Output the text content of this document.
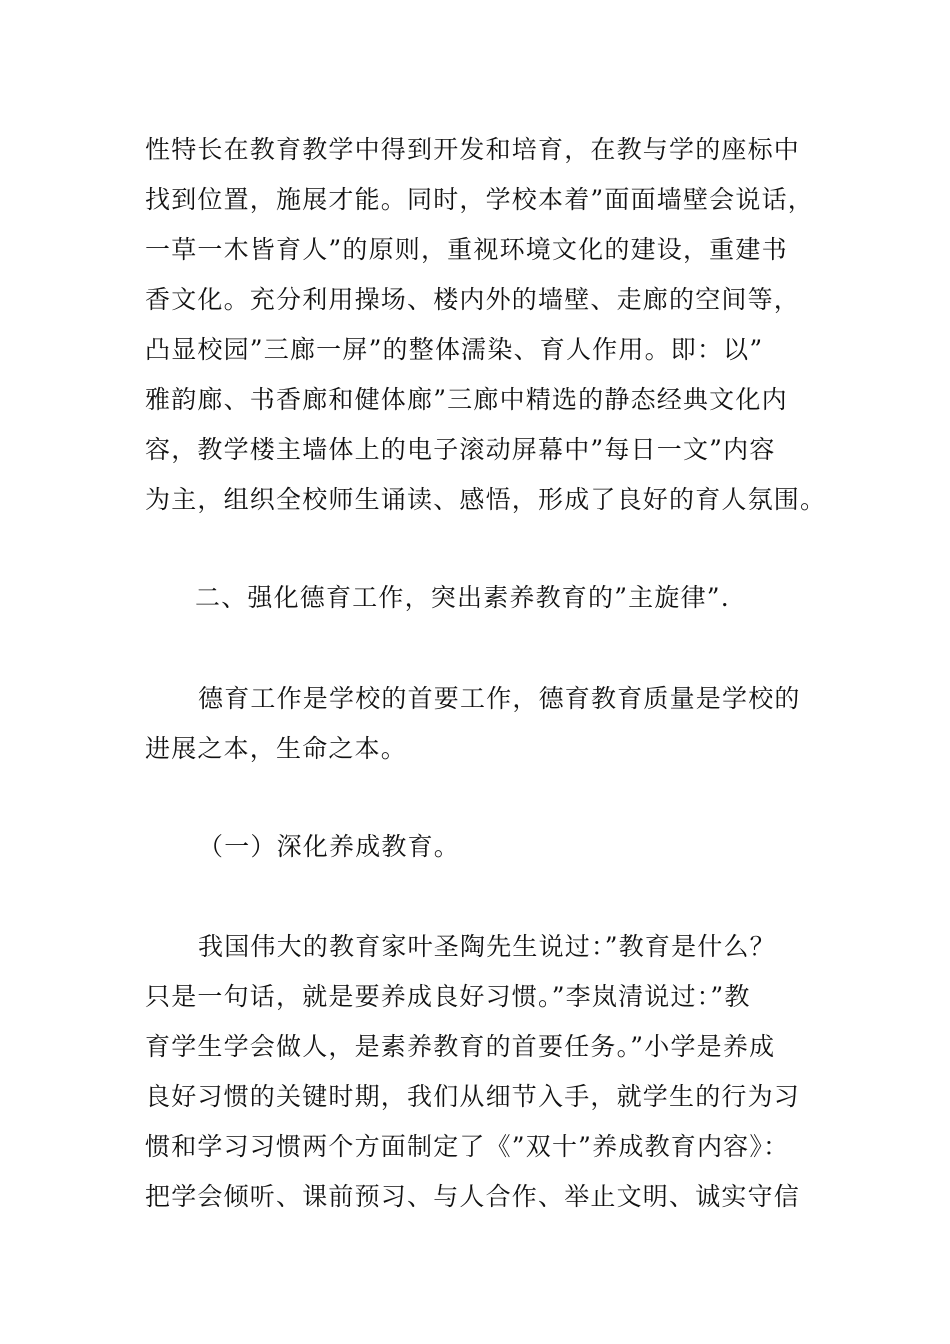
性特长在教育教学中得到开发和培育，在教与学的座标中
找到位置，施展才能。同时，学校本着”面面墙壁会说话，
一草一木皆育人”的原则，重视环境文化的建设，重建书
香文化。充分利用操场、楼内外的墙壁、走廊的空间等，
凸显校园”三廊一屏”的整体濡染、育人作用。即：以”
雅韵廊、书香廊和健体廊”三廊中精选的静态经典文化内
容，教学楼主墙体上的电子滚动屏幕中”每日一文”内容
为主，组织全校师生诵读、感悟，形成了良好的育人氛围。
二、强化德育工作，突出素养教育的”主旋律”.
德育工作是学校的首要工作，德育教育质量是学校的
进展之本，生命之本。
（一）深化养成教育。
我国伟大的教育家叶圣陶先生说过：”教育是什么？
只是一句话，就是要养成良好习惯。”李岚清说过：”教
育学生学会做人，是素养教育的首要任务。”小学是养成
良好习惯的关键时期，我们从细节入手，就学生的行为习
惯和学习习惯两个方面制定了《”双十”养成教育内容》：
把学会倾听、课前预习、与人合作、举止文明、诚实守信
